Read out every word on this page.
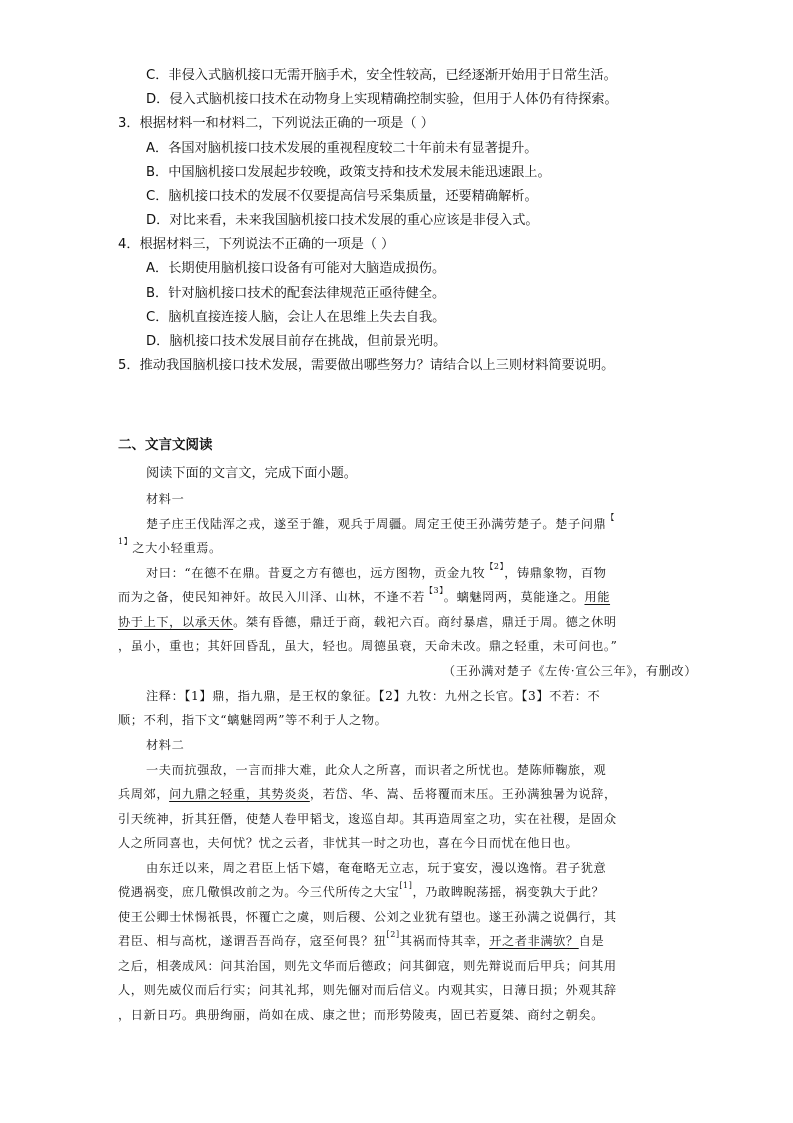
C．非侵入式脑机接口无需开脑手术，安全性较高，已经逐渐开始用于日常生活。
D．侵入式脑机接口技术在动物身上实现精确控制实验，但用于人体仍有待探索。
3．根据材料一和材料二，下列说法正确的一项是（ ）
A．各国对脑机接口技术发展的重视程度较二十年前未有显著提升。
B．中国脑机接口发展起步较晚，政策支持和技术发展未能迅速跟上。
C．脑机接口技术的发展不仅要提高信号采集质量，还要精确解析。
D．对比来看，未来我国脑机接口技术发展的重心应该是非侵入式。
4．根据材料三，下列说法不正确的一项是（ ）
A．长期使用脑机接口设备有可能对大脑造成损伤。
B．针对脑机接口技术的配套法律规范正亟待健全。
C．脑机直接连接人脑，会让人在思维上失去自我。
D．脑机接口技术发展目前存在挑战，但前景光明。
5．推动我国脑机接口技术发展，需要做出哪些努力？请结合以上三则材料简要说明。
二、文言文阅读
阅读下面的文言文，完成下面小题。
材料一
楚子庄王伐陆浑之戎，遂至于雒，观兵于周疆。周定王使王孙满劳楚子。楚子问鼎【
$^{1】}$之大小轻重焉。
对曰：“在德不在鼎。昔夏之方有德也，远方图物，贡金九牧$^{【2】}$，铸鼎象物，百物
而为之备，使民知神奸。故民入川泽、山林，不逢不若$^{【3】}$。螭魅罔两，莫能逢之。用能
协于上下，以承天休。桀有昏德，鼎迁于商，载祀六百。商纣暴虐，鼎迁于周。德之休明
，虽小，重也；其奸回昏乱，虽大，轻也。周德虽衰，天命未改。鼎之轻重，未可问也。”
（王孙满对楚子《左传·宣公三年》，有删改）
注释：【1】鼎，指九鼎，是王权的象征。【2】九牧：九州之长官。【3】不若：不
顺；不利，指下文“螭魅罔两”等不利于人之物。
材料二
一夫而抗强敌，一言而排大难，此众人之所喜，而识者之所忧也。楚陈师鞠旅，观
兵周郊，问九鼎之轻重，其势炎炎，若岱、华、嵩、岳将覆而末压。王孙满独暑为说辞，
引天统神，折其狂僭，使楚人卷甲韬戈，逡巡自却。其再造周室之功，实在社稷，是固众
人之所同喜也，夫何忧？忧之云者，非忧其一时之功也，喜在今日而忧在他日也。
由东迁以来，周之君臣上恬下嬉，奄奄略无立志，玩于宴安，漫以逸惰。君子犹意
傥遇祸变，庶几儆惧改前之为。今三代所传之大宝[1]，乃敢睥睨荡摇，祸变孰大于此？
使王公卿士怵惕祇畏，怀覆亡之虞，则后稷、公刘之业犹有望也。遂王孙满之说偶行，其
君臣、相与高枕，遂谓吾吾尚存，寇至何畏？狃[2]其祸而恃其幸，开之者非满欤？自是
之后，相袭成风：问其治国，则先文华而后德政；问其御寇，则先辩说而后甲兵；问其用
人，则先威仪而后行实；问其礼邦，则先俪对而后信义。内观其实，日薄日损；外观其辞
，日新日巧。典册绚丽，尚如在成、康之世；而形势陵夷，固已若夏桀、商纣之朝矣。
